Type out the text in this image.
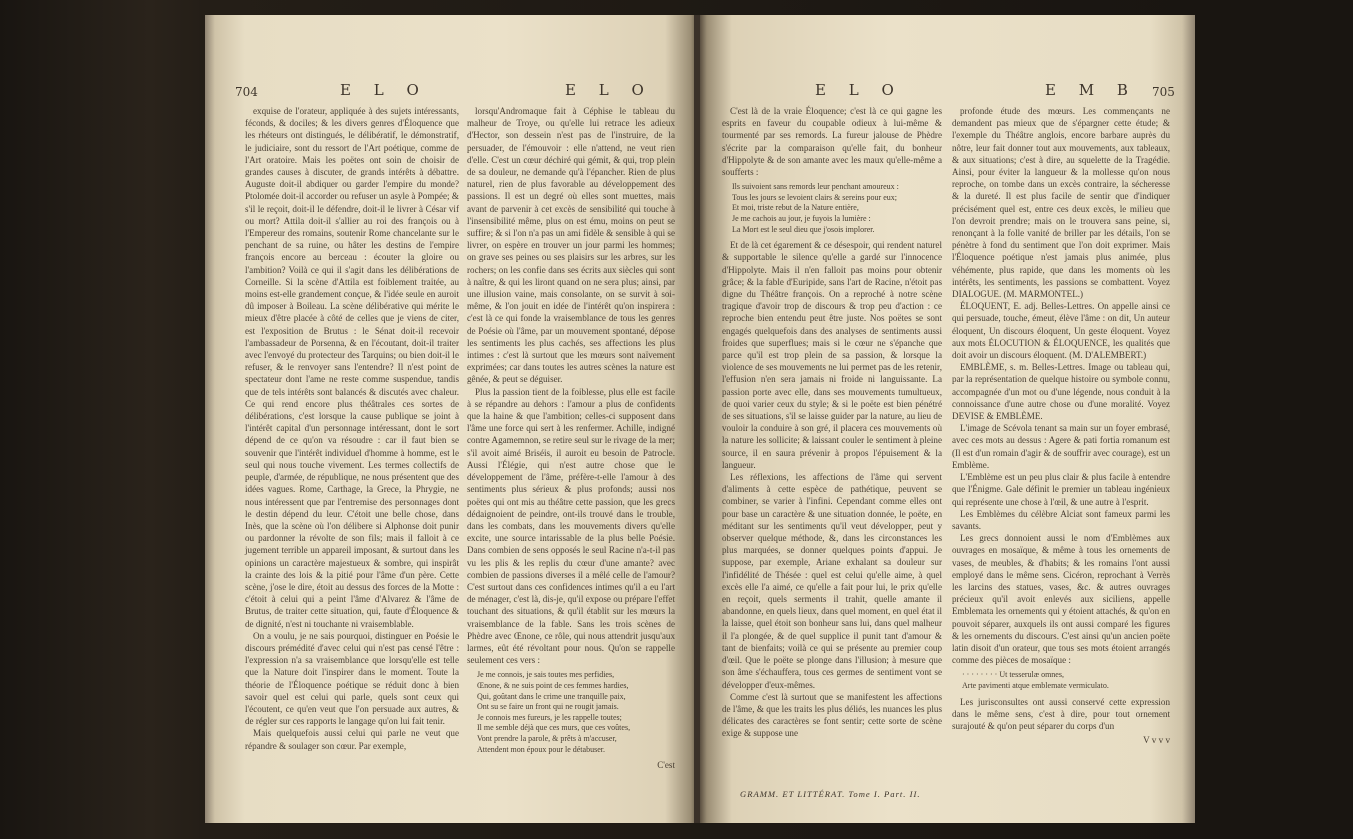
704	E L O	E L O

exquise de l'orateur, appliquée à des sujets intéressants, féconds, & dociles; & les divers genres d'Éloquence que les rhéteurs ont distingués, le délibératif, le démonstratif, le judiciaire, sont du ressort de l'Art poétique, comme de l'Art oratoire. Mais les poëtes ont soin de choisir de grandes causes à discuter, de grands intérêts à débattre. Auguste doit-il abdiquer ou garder l'empire du monde? Ptolomée doit-il accorder ou refuser un asyle à Pompée; & s'il le reçoit, doit-il le défendre, doit-il le livrer à César vif ou mort? Attila doit-il s'allier au roi des françois ou à l'Empereur des romains, soutenir Rome chancelante sur le penchant de sa ruine, ou hâter les destins de l'empire françois encore au berceau : écouter la gloire ou l'ambition? Voilà ce qui il s'agit dans les délibérations de Corneille. Si la scène d'Attila est foiblement traitée, au moins est-elle grandement conçue, & l'idée seule en auroit dû imposer à Boileau. La scène délibérative qui mérite le mieux d'être placée à côté de celles que je viens de citer, est l'exposition de Brutus : le Sénat doit-il recevoir l'ambassadeur de Porsenna, & en l'écoutant, doit-il traiter avec l'envoyé du protecteur des Tarquins; ou bien doit-il le refuser, & le renvoyer sans l'entendre? Il n'est point de spectateur dont l'ame ne reste comme suspendue, tandis que de tels intérêts sont balancés & discutés avec chaleur. Ce qui rend encore plus théâtrales ces sortes de délibérations, c'est lorsque la cause publique se joint à l'intérêt capital d'un personnage intéressant, dont le sort dépend de ce qu'on va résoudre : car il faut bien se souvenir que l'intérêt individuel d'homme à homme, est le seul qui nous touche vivement. Les termes collectifs de peuple, d'armée, de république, ne nous présentent que des idées vagues. Rome, Carthage, la Grece, la Phrygie, ne nous intéressent que par l'entremise des personnages dont le destin dépend du leur. C'étoit une belle chose, dans Inès, que la scène où l'on délibere si Alphonse doit punir ou pardonner la révolte de son fils; mais il falloit à ce jugement terrible un appareil imposant, & surtout dans les opinions un caractère majestueux & sombre, qui inspirât la crainte des lois & la pitié pour l'âme d'un père. Cette scène, j'ose le dire, étoit au dessus des forces de la Motte : c'étoit à celui qui a peint l'âme d'Alvarez & l'âme de Brutus, de traiter cette situation, qui, faute d'Éloquence & de dignité, n'est ni touchante ni vraisemblable.

On a voulu, je ne sais pourquoi, distinguer en Poésie le discours prémédité d'avec celui qui n'est pas censé l'être : l'expression n'a sa vraisemblance que lorsqu'elle est telle que la Nature doit l'inspirer dans le moment. Toute la théorie de l'Éloquence poétique se réduit donc à bien savoir quel est celui qui parle, quels sont ceux qui l'écoutent, ce qu'en veut que l'on persuade aux autres, & de régler sur ces rapports le langage qu'on lui fait tenir.

Mais quelquefois aussi celui qui parle ne veut que répandre & soulager son cœur. Par exemple,

lorsqu'Andromaque fait à Céphise le tableau du malheur de Troye, ou qu'elle lui retrace les adieux d'Hector, son dessein n'est pas de l'instruire, de la persuader, de l'émouvoir : elle n'attend, ne veut rien d'elle. C'est un cœur déchiré qui gémit, & qui, trop plein de sa douleur, ne demande qu'à l'épancher. Rien de plus naturel, rien de plus favorable au développement des passions. Il est un degré où elles sont muettes, mais avant de parvenir à cet excès de sensibilité qui touche à l'insensibilité même, plus on est ému, moins on peut se suffire; & si l'on n'a pas un ami fidèle & sensible à qui se livrer, on espère en trouver un jour parmi les hommes; on grave ses peines ou ses plaisirs sur les arbres, sur les rochers; on les confie dans ses écrits aux siècles qui sont à naître, & qui les liront quand on ne sera plus; ainsi, par une illusion vaine, mais consolante, on se survit à soi-même, & l'on jouit en idée de l'intérêt qu'on inspirera : c'est là ce qui fonde la vraisemblance de tous les genres de Poésie où l'âme, par un mouvement spontané, dépose les sentiments les plus cachés, ses affections les plus intimes : c'est là surtout que les mœurs sont naïvement exprimées; car dans toutes les autres scènes la nature est gênée, & peut se déguiser.

Plus la passion tient de la foiblesse, plus elle est facile à se répandre au dehors : l'amour a plus de confidents que la haine & que l'ambition; celles-ci supposent dans l'âme une force qui sert à les renfermer. Achille, indigné contre Agamemnon, se retire seul sur le rivage de la mer; s'il avoit aimé Briséis, il auroit eu besoin de Patrocle. Aussi l'Élégie, qui n'est autre chose que le développement de l'âme, préfère-t-elle l'amour à des sentiments plus sérieux & plus profonds; aussi nos poëtes qui ont mis au théâtre cette passion, que les grecs dédaignoient de peindre, ont-ils trouvé dans le trouble, dans les combats, dans les mouvements divers qu'elle excite, une source intarissable de la plus belle Poésie. Dans combien de sens opposés le seul Racine n'a-t-il pas vu les plis & les replis du cœur d'une amante? avec combien de passions diverses il a mêlé celle de l'amour? C'est surtout dans ces confidences intimes qu'il a eu l'art de ménager, c'est là, dis-je, qu'il expose ou prépare l'effet touchant des situations, & qu'il établit sur les mœurs la vraisemblance de la fable. Sans les trois scènes de Phèdre avec Œnone, ce rôle, qui nous attendrit jusqu'aux larmes, eût été révoltant pour nous. Qu'on se rappelle seulement ces vers :

Je me connois, je sais toutes mes perfidies,
Œnone, & ne suis point de ces femmes hardies,
Qui, goûtant dans le crime une tranquille paix,
Ont su se faire un front qui ne rougit jamais.
Je connois mes fureurs, je les rappelle toutes;
Il me semble déjà que ces murs, que ces voûtes,
Vont prendre la parole, & prêts à m'accuser,
Attendent mon époux pour le détabuser.
C'est
E L O	E M B 705

C'est là de la vraie Éloquence; c'est là ce qui gagne les esprits en faveur du coupable odieux à lui-même & tourmenté par ses remords. La fureur jalouse de Phèdre s'écrite par la comparaison qu'elle fait, du bonheur d'Hippolyte & de son amante avec les maux qu'elle-même a soufferts :

Ils suivoient sans remords leur penchant amoureux :
Tous les jours se levoient clairs & sereins pour eux;
Et moi, triste rebut de la Nature entière,
Je me cachois au jour, je fuyois la lumière :
La Mort est le seul dieu que j'osois implorer.

Et de là cet égarement & ce désespoir, qui rendent naturel & supportable le silence qu'elle a gardé sur l'innocence d'Hippolyte. Mais il n'en falloit pas moins pour obtenir grâce; & la fable d'Euripide, sans l'art de Racine, n'étoit pas digne du Théâtre françois. On a reproché à notre scène tragique d'avoir trop de discours & trop peu d'action : ce reproche bien entendu peut être juste. Nos poëtes se sont engagés quelquefois dans des analyses de sentiments aussi froides que superflues; mais si le cœur ne s'épanche que parce qu'il est trop plein de sa passion, & lorsque la violence de ses mouvements ne lui permet pas de les retenir, l'effusion n'en sera jamais ni froide ni languissante. La passion porte avec elle, dans ses mouvements tumultueux, de quoi varier ceux du style; & si le poëte est bien pénétré de ses situations, s'il se laisse guider par la nature, au lieu de vouloir la conduire à son gré, il placera ces mouvements où la nature les sollicite; & laissant couler le sentiment à pleine source, il en saura prévenir à propos l'épuisement & la langueur.

Les réflexions, les affections de l'âme qui servent d'aliments à cette espèce de pathétique, peuvent se combiner, se varier à l'infini. Cependant comme elles ont pour base un caractère & une situation donnée, le poëte, en méditant sur les sentiments qu'il veut développer, peut y observer quelque méthode, &, dans les circonstances les plus marquées, se donner quelques points d'appui. Je suppose, par exemple, Ariane exhalant sa douleur sur l'infidélité de Thésée : quel est celui qu'elle aime, à quel excès elle l'a aimé, ce qu'elle a fait pour lui, le prix qu'elle en reçoit, quels serments il trahit, quelle amante il abandonne, en quels lieux, dans quel moment, en quel état il la laisse, quel étoit son bonheur sans lui, dans quel malheur il l'a plongée, & de quel supplice il punit tant d'amour & tant de bienfaits; voilà ce qui se présente au premier coup d'œil. Que le poëte se plonge dans l'illusion; à mesure que son âme s'échauffera, tous ces germes de sentiment vont se développer d'eux-mêmes.

Comme c'est là surtout que se manifestent les affections de l'âme, & que les traits les plus déliés, les nuances les plus délicates des caractères se font sentir; cette sorte de scène exige & suppose une

profonde étude des mœurs. Les commençants ne demandent pas mieux que de s'épargner cette étude; & l'exemple du Théâtre anglois, encore barbare auprès du nôtre, leur fait donner tout aux mouvements, aux tableaux, & aux situations; c'est à dire, au squelette de la Tragédie. Ainsi, pour éviter la langueur & la mollesse qu'on nous reproche, on tombe dans un excès contraire, la sécheresse & la dureté. Il est plus facile de sentir que d'indiquer précisément quel est, entre ces deux excès, le milieu que l'on devroit prendre; mais on le trouvera sans peine, si, renonçant à la folle vanité de briller par les détails, l'on se pénètre à fond du sentiment que l'on doit exprimer. Mais l'Éloquence poétique n'est jamais plus animée, plus véhémente, plus rapide, que dans les moments où les intérêts, les sentiments, les passions se combattent. Voyez DIALOGUE. (M. MARMONTEL.)

ÉLOQUENT, E. adj. Belles-Lettres. On appelle ainsi ce qui persuade, touche, émeut, élève l'âme : on dit, Un auteur éloquent, Un discours éloquent, Un geste éloquent. Voyez aux mots ÉLOCUTION & ÉLOQUENCE, les qualités que doit avoir un discours éloquent. (M. D'ALEMBERT.)

EMBLÈME, s. m. Belles-Lettres. Image ou tableau qui, par la représentation de quelque histoire ou symbole connu, accompagnée d'un mot ou d'une légende, nous conduit à la connoissance d'une autre chose ou d'une moralité. Voyez DEVISE & EMBLÈME.

L'image de Scévola tenant sa main sur un foyer embrasé, avec ces mots au dessus : Agere & pati fortia romanum est (Il est d'un romain d'agir & de souffrir avec courage), est un Emblème.

L'Emblème est un peu plus clair & plus facile à entendre que l'Énigme. Gale définit le premier un tableau ingénieux qui représente une chose à l'œil, & une autre à l'esprit.

Les Emblèmes du célèbre Alciat sont fameux parmi les savants.

Les grecs donnoient aussi le nom d'Emblèmes aux ouvrages en mosaïque, & même à tous les ornements de vases, de meubles, & d'habits; & les romains l'ont aussi employé dans le même sens. Cicéron, reprochant à Verrès les larcins des statues, vases, &c. & autres ouvrages précieux qu'il avoit enlevés aux siciliens, appelle Emblemata les ornements qui y étoient attachés, & qu'on en pouvoit séparer, auxquels ils ont aussi comparé les figures & les ornements du discours. C'est ainsi qu'un ancien poëte latin disoit d'un orateur, que tous ses mots étoient arrangés comme des pièces de mosaïque :

· · · · · · · · Ut tesserulæ omnes,
Arte pavimenti atque emblemate vermiculato.

Les jurisconsultes ont aussi conservé cette expression dans le même sens, c'est à dire, pour tout ornement surajouté & qu'on peut séparer du corps d'un

V v v v
GRAMM. ET LITTÉRAT. Tome I. Part. II.
